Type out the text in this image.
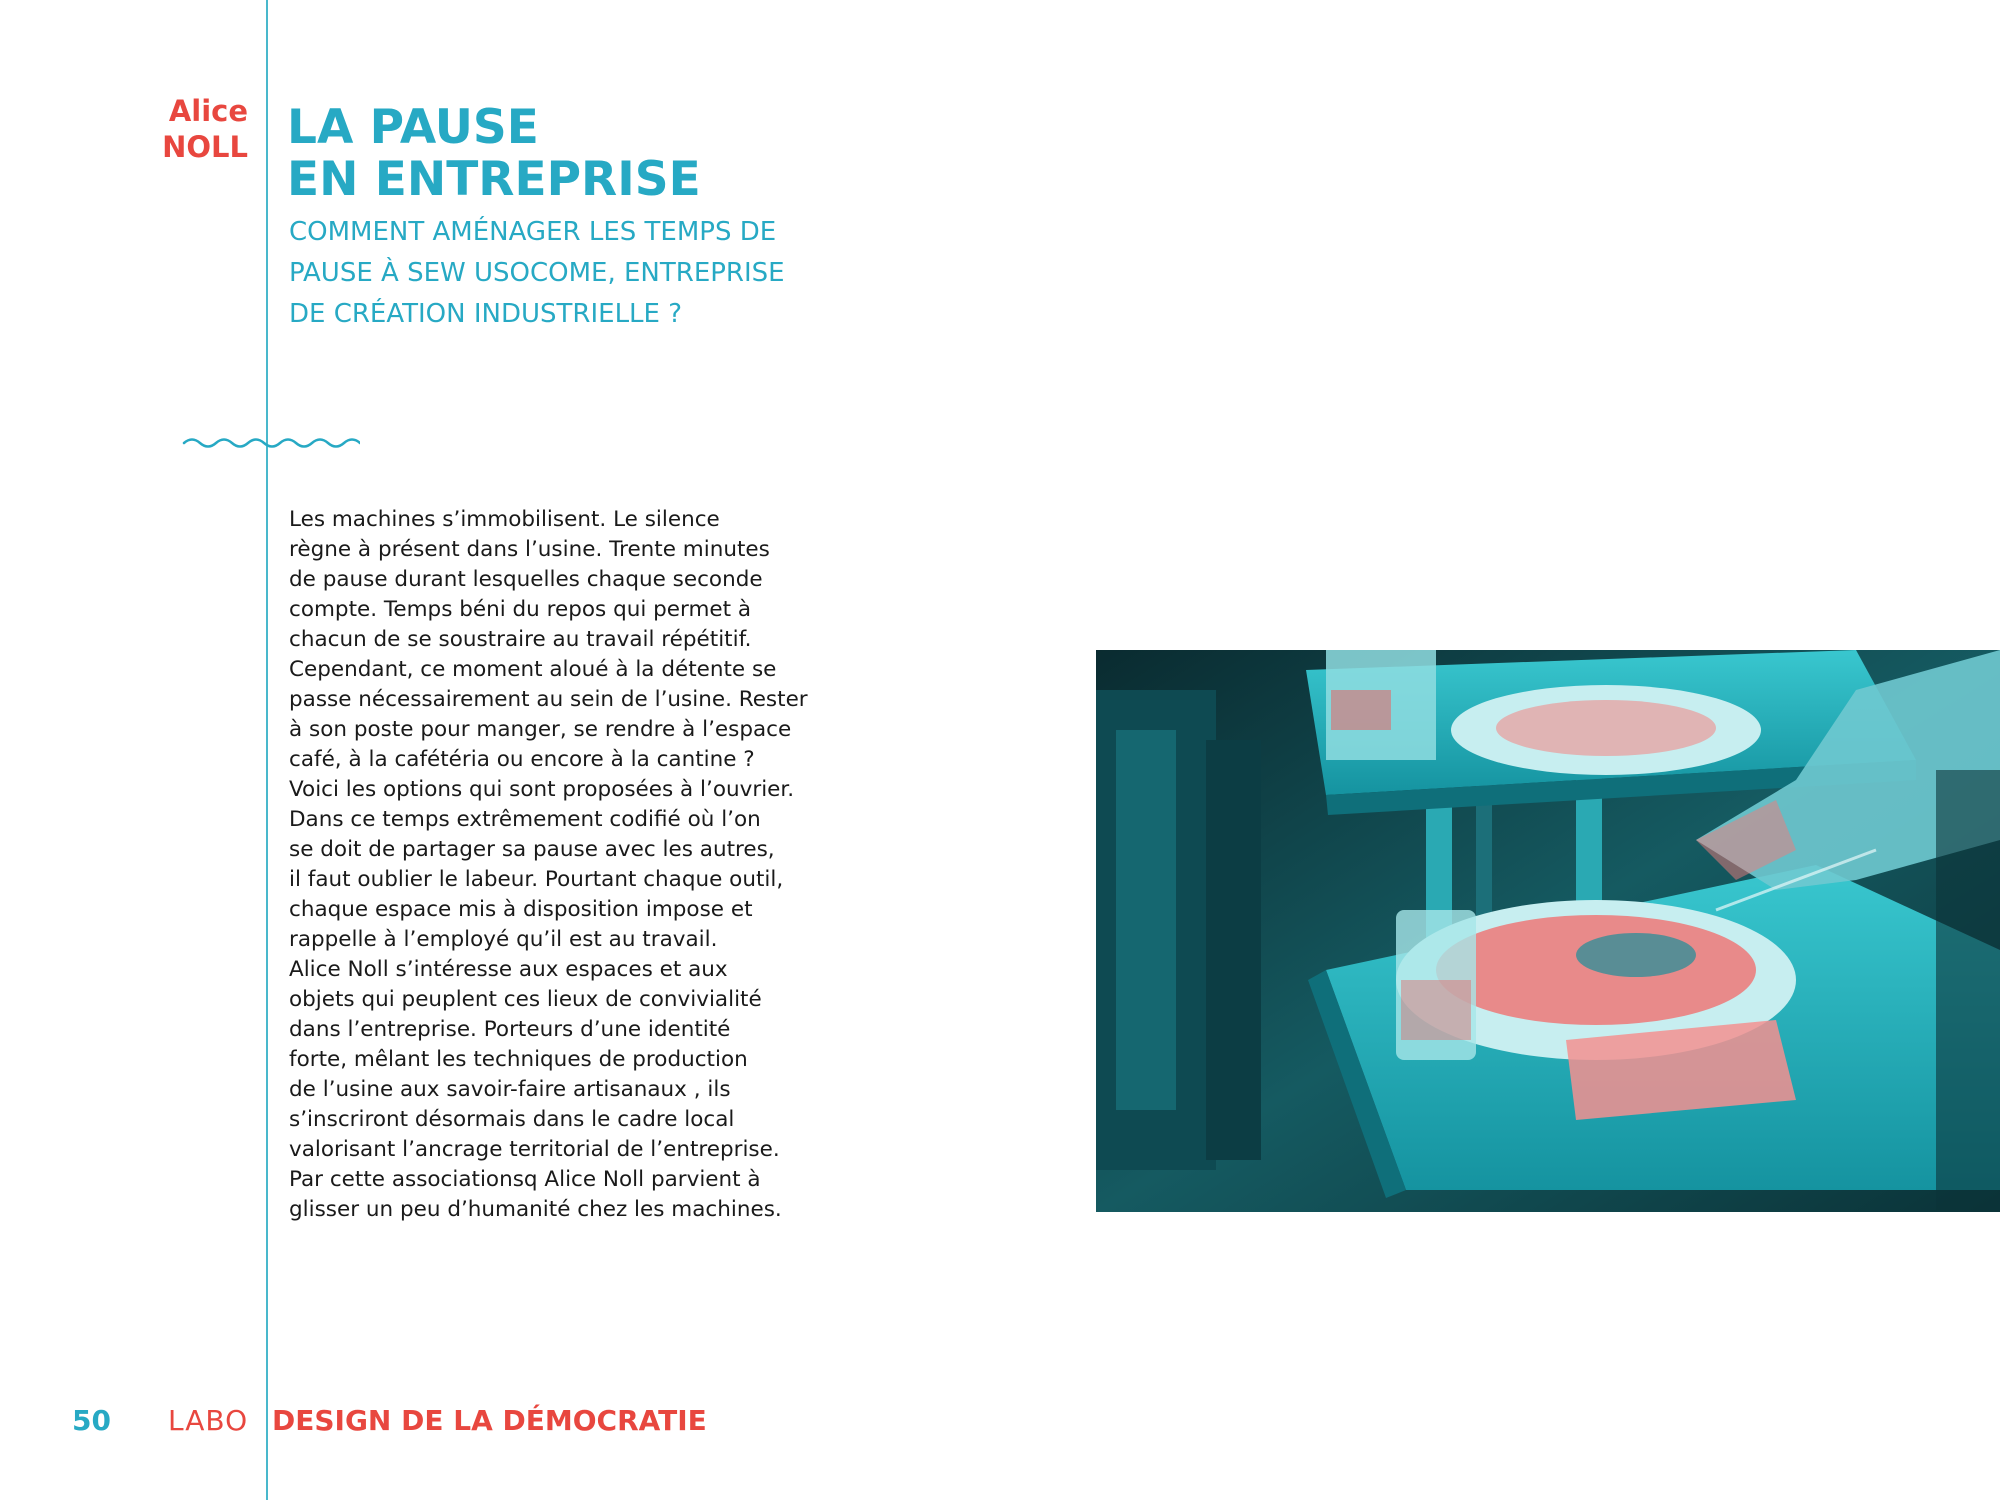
Alice
NOLL LA PAUSE
EN ENTREPRISE
COMMENT AMÉNAGER LES TEMPS DE
PAUSE À SEW USOCOME, ENTREPRISE
DE CRÉATION INDUSTRIELLE ?
Les machines s’immobilisent. Le silence
règne à présent dans l’usine. Trente minutes
de pause durant lesquelles chaque seconde
compte. Temps béni du repos qui permet à
chacun de se soustraire au travail répétitif.
Cependant, ce moment aloué à la détente se
passe nécessairement au sein de l’usine. Rester
à son poste pour manger, se rendre à l’espace
café, à la cafétéria ou encore à la cantine ?
Voici les options qui sont proposées à l’ouvrier.
Dans ce temps extrêmement codifié où l’on
se doit de partager sa pause avec les autres,
il faut oublier le labeur. Pourtant chaque outil,
chaque espace mis à disposition impose et
rappelle à l’employé qu’il est au travail.
Alice Noll s’intéresse aux espaces et aux
objets qui peuplent ces lieux de convivialité
dans l’entreprise. Porteurs d’une identité
forte, mêlant les techniques de production
de l’usine aux savoir-faire artisanaux , ils
s’inscriront désormais dans le cadre local
valorisant l’ancrage territorial de l’entreprise.
Par cette associationsq Alice Noll parvient à
glisser un peu d’humanité chez les machines.
50 LABO DESIGN DE LA DÉMOCRATIE
